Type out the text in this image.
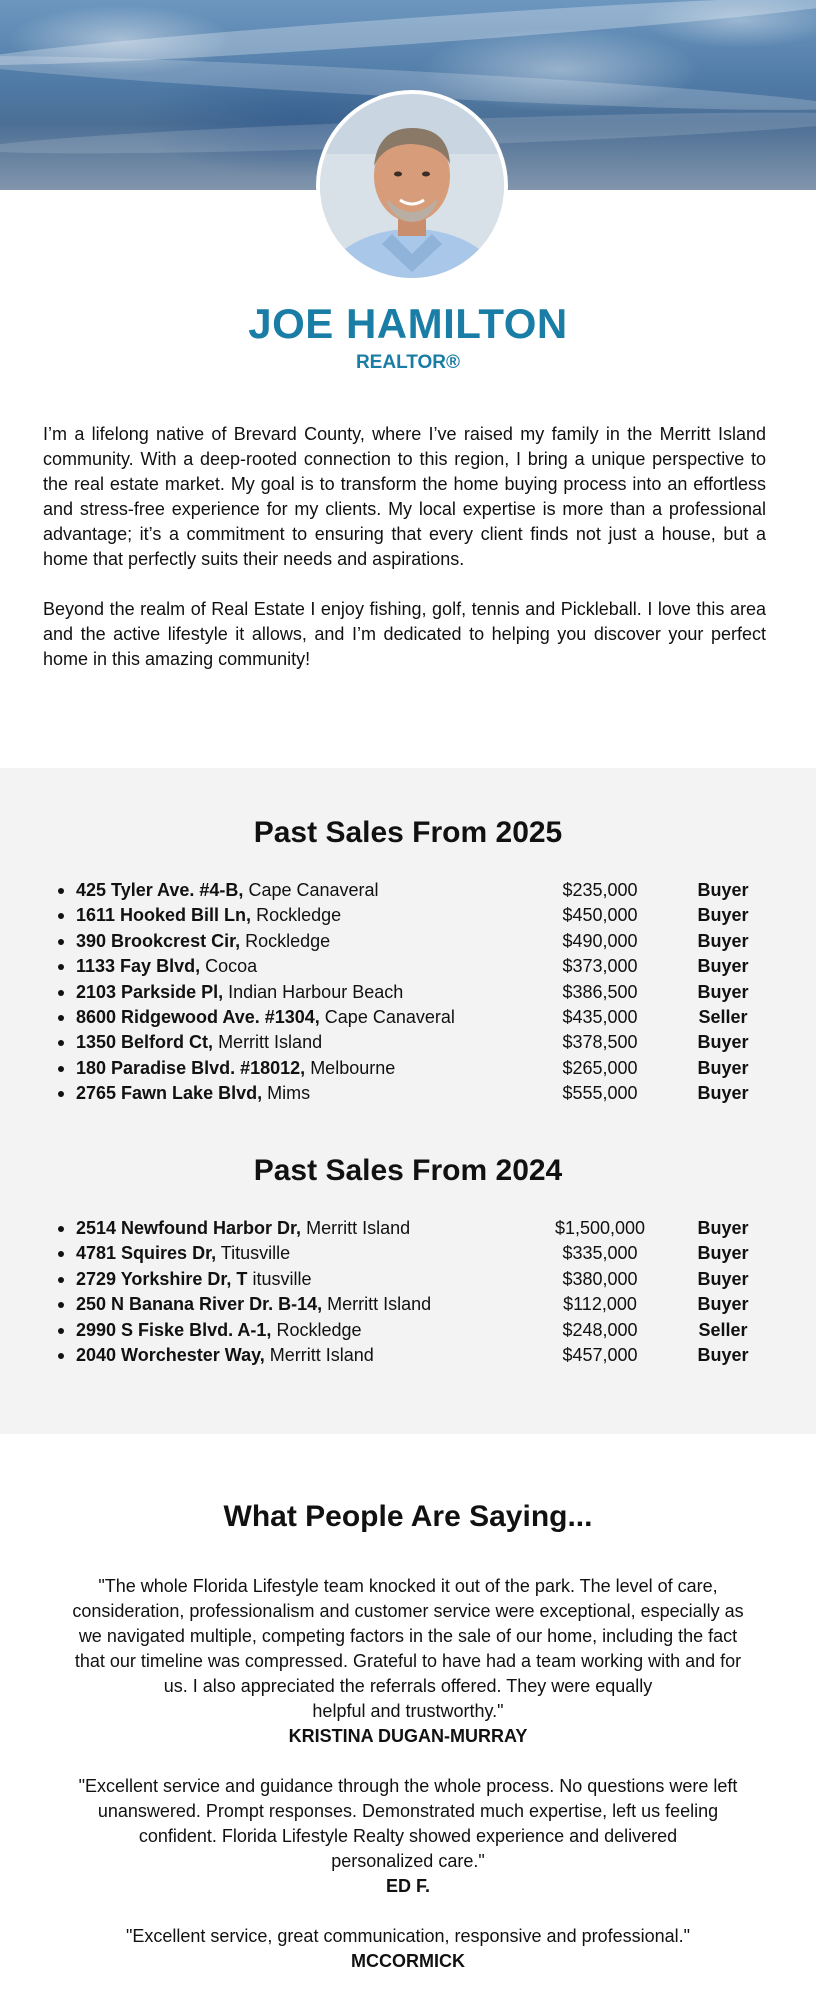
JOE HAMILTON
REALTOR®

I’m a lifelong native of Brevard County, where I’ve raised my family in the Merritt Island community. With a deep-rooted connection to this region, I bring a unique perspective to the real estate market. My goal is to transform the home buying process into an effortless and stress-free experience for my clients. My local expertise is more than a professional advantage; it’s a commitment to ensuring that every client finds not just a house, but a home that perfectly suits their needs and aspirations.

Beyond the realm of Real Estate I enjoy fishing, golf, tennis and Pickleball. I love this area and the active lifestyle it allows, and I’m dedicated to helping you discover your perfect home in this amazing community!

Past Sales From 2025
425 Tyler Ave. #4-B, Cape Canaveral	$235,000	Buyer
1611 Hooked Bill Ln, Rockledge	$450,000	Buyer
390 Brookcrest Cir, Rockledge	$490,000	Buyer
1133 Fay Blvd, Cocoa	$373,000	Buyer
2103 Parkside Pl, Indian Harbour Beach	$386,500	Buyer
8600 Ridgewood Ave. #1304, Cape Canaveral	$435,000	Seller
1350 Belford Ct, Merritt Island	$378,500	Buyer
180 Paradise Blvd. #18012, Melbourne	$265,000	Buyer
2765 Fawn Lake Blvd, Mims	$555,000	Buyer
Past Sales From 2024
2514 Newfound Harbor Dr, Merritt Island	$1,500,000	Buyer
4781 Squires Dr, Titusville	$335,000	Buyer
2729 Yorkshire Dr, T itusville	$380,000	Buyer
250 N Banana River Dr. B-14, Merritt Island	$112,000	Buyer
2990 S Fiske Blvd. A-1, Rockledge	$248,000	Seller
2040 Worchester Way, Merritt Island	$457,000	Buyer
What People Are Saying...
"The whole Florida Lifestyle team knocked it out of the park. The level of care,
consideration, professionalism and customer service were exceptional, especially as
we navigated multiple, competing factors in the sale of our home, including the fact
that our timeline was compressed. Grateful to have had a team working with and for
us. I also appreciated the referrals offered. They were equally
helpful and trustworthy."
KRISTINA DUGAN-MURRAY
"Excellent service and guidance through the whole process. No questions were left
unanswered. Prompt responses. Demonstrated much expertise, left us feeling
confident. Florida Lifestyle Realty showed experience and delivered
personalized care."
ED F.
"Excellent service, great communication, responsive and professional."
MCCORMICK
